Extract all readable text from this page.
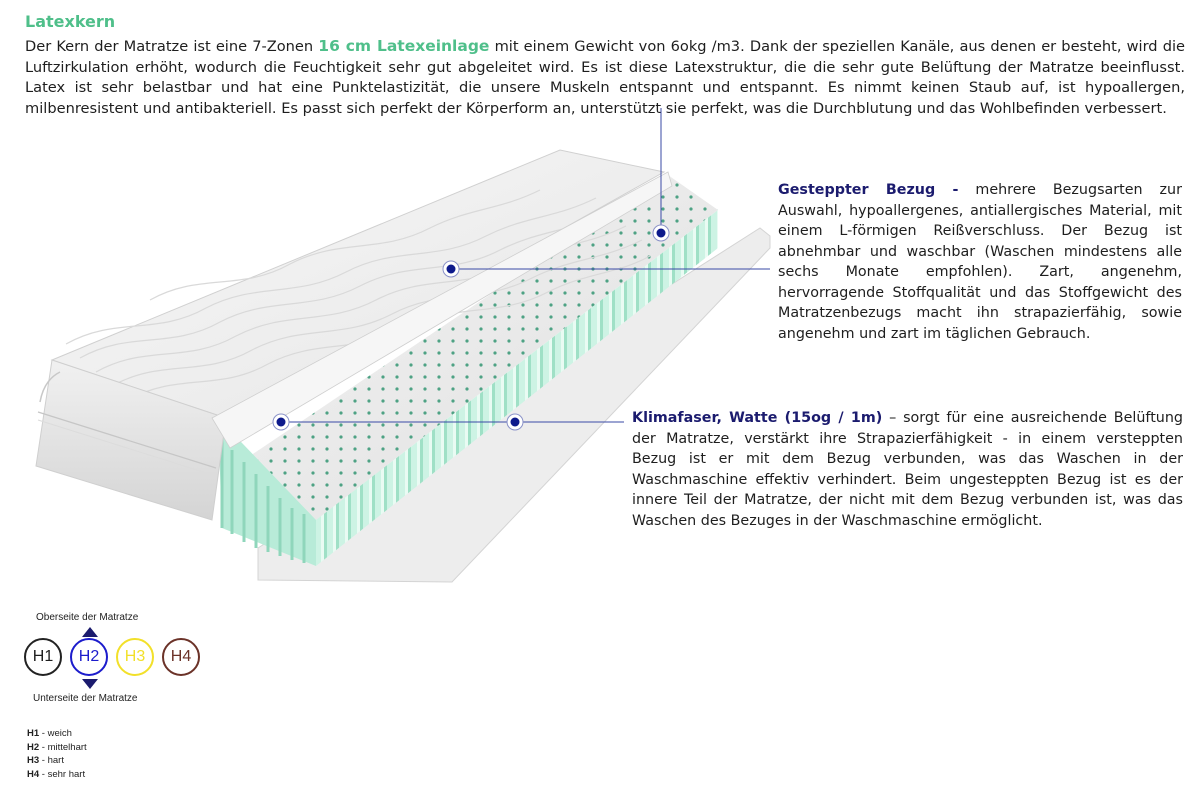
Latexkern
Der Kern der Matratze ist eine 7-Zonen 16 cm Latexeinlage mit einem Gewicht von 6okg /m3. Dank der speziellen Kanäle, aus denen er besteht, wird die Luftzirkulation erhöht, wodurch die Feuchtigkeit sehr gut abgeleitet wird. Es ist diese Latexstruktur, die die sehr gute Belüftung der Matratze beeinflusst. Latex ist sehr belastbar und hat eine Punktelastizität, die unsere Muskeln entspannt und entspannt. Es nimmt keinen Staub auf, ist hypoallergen, milbenresistent und antibakteriell. Es passt sich perfekt der Körperform an, unterstützt sie perfekt, was die Durchblutung und das Wohlbefinden verbessert.
Gesteppter Bezug - mehrere Bezugsarten zur Auswahl, hypoallergenes, antiallergisches Material, mit einem L-förmigen Reißverschluss. Der Bezug ist abnehmbar und waschbar (Waschen mindestens alle sechs Monate empfohlen). Zart, angenehm, hervorragende Stoffqualität und das Stoffgewicht des Matratzenbezugs macht ihn strapazierfähig, sowie angenehm und zart im täglichen Gebrauch.
Klimafaser, Watte (15og / 1m) – sorgt für eine ausreichende Belüftung der Matratze, verstärkt ihre Strapazierfähigkeit - in einem versteppten Bezug ist er mit dem Bezug verbunden, was das Waschen in der Waschmaschine effektiv verhindert. Beim ungesteppten Bezug ist es der innere Teil der Matratze, der nicht mit dem Bezug verbunden ist, was das Waschen des Bezuges in der Waschmaschine ermöglicht.
Oberseite der Matratze
H1	H2	H3	H4
Unterseite der Matratze
H1 - weich
H2 - mittelhart
H3 - hart
H4 - sehr hart
